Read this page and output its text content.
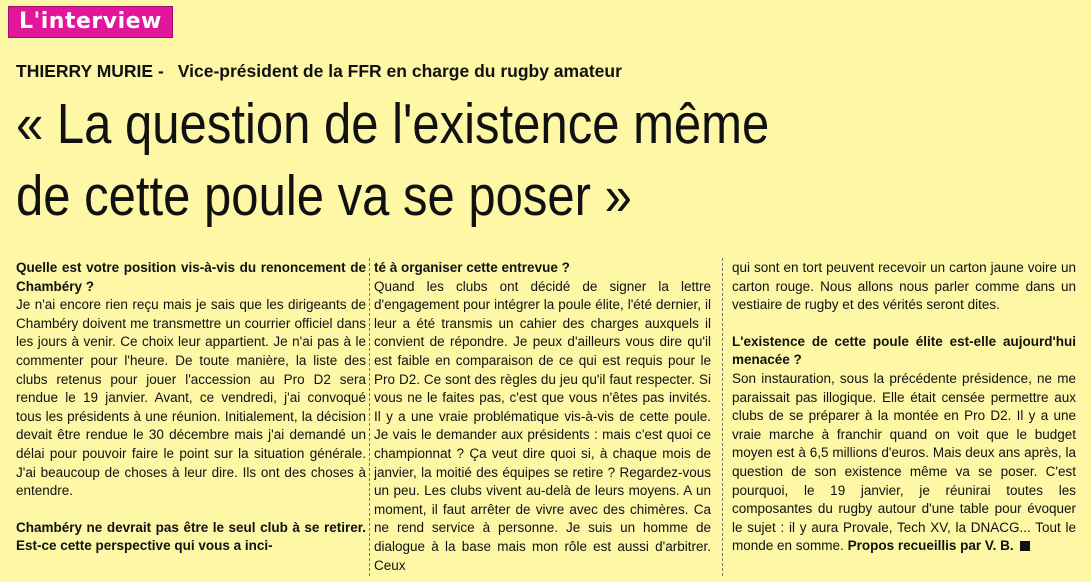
L'interview
THIERRY MURIE - Vice-président de la FFR en charge du rugby amateur
« La question de l'existence même
de cette poule va se poser »
Quelle est votre position vis-à-vis du renoncement de Chambéry ?
Je n'ai encore rien reçu mais je sais que les dirigeants de Chambéry doivent me transmettre un courrier officiel dans les jours à venir. Ce choix leur appartient. Je n'ai pas à le commenter pour l'heure. De toute manière, la liste des clubs retenus pour jouer l'accession au Pro D2 sera rendue le 19 janvier. Avant, ce vendredi, j'ai convoqué tous les présidents à une réunion. Initialement, la décision devait être rendue le 30 décembre mais j'ai demandé un délai pour pouvoir faire le point sur la situation générale. J'ai beaucoup de choses à leur dire. Ils ont des choses à entendre.
Chambéry ne devrait pas être le seul club à se retirer. Est-ce cette perspective qui vous a inci-
té à organiser cette entrevue ?
Quand les clubs ont décidé de signer la lettre d'engagement pour intégrer la poule élite, l'été dernier, il leur a été transmis un cahier des charges auxquels il convient de répondre. Je peux d'ailleurs vous dire qu'il est faible en comparaison de ce qui est requis pour le Pro D2. Ce sont des règles du jeu qu'il faut respecter. Si vous ne le faites pas, c'est que vous n'êtes pas invités. Il y a une vraie problématique vis-à-vis de cette poule. Je vais le demander aux présidents : mais c'est quoi ce championnat ? Ça veut dire quoi si, à chaque mois de janvier, la moitié des équipes se retire ? Regardez-vous un peu. Les clubs vivent au-delà de leurs moyens. A un moment, il faut arrêter de vivre avec des chimères. Ca ne rend service à personne. Je suis un homme de dialogue à la base mais mon rôle est aussi d'arbitrer. Ceux
qui sont en tort peuvent recevoir un carton jaune voire un carton rouge. Nous allons nous parler comme dans un vestiaire de rugby et des vérités seront dites.
L'existence de cette poule élite est-elle aujourd'hui menacée ?
Son instauration, sous la précédente présidence, ne me paraissait pas illogique. Elle était censée permettre aux clubs de se préparer à la montée en Pro D2. Il y a une vraie marche à franchir quand on voit que le budget moyen est à 6,5 millions d'euros. Mais deux ans après, la question de son existence même va se poser. C'est pourquoi, le 19 janvier, je réunirai toutes les composantes du rugby autour d'une table pour évoquer le sujet : il y aura Provale, Tech XV, la DNACG... Tout le monde en somme. Propos recueillis par V. B.
